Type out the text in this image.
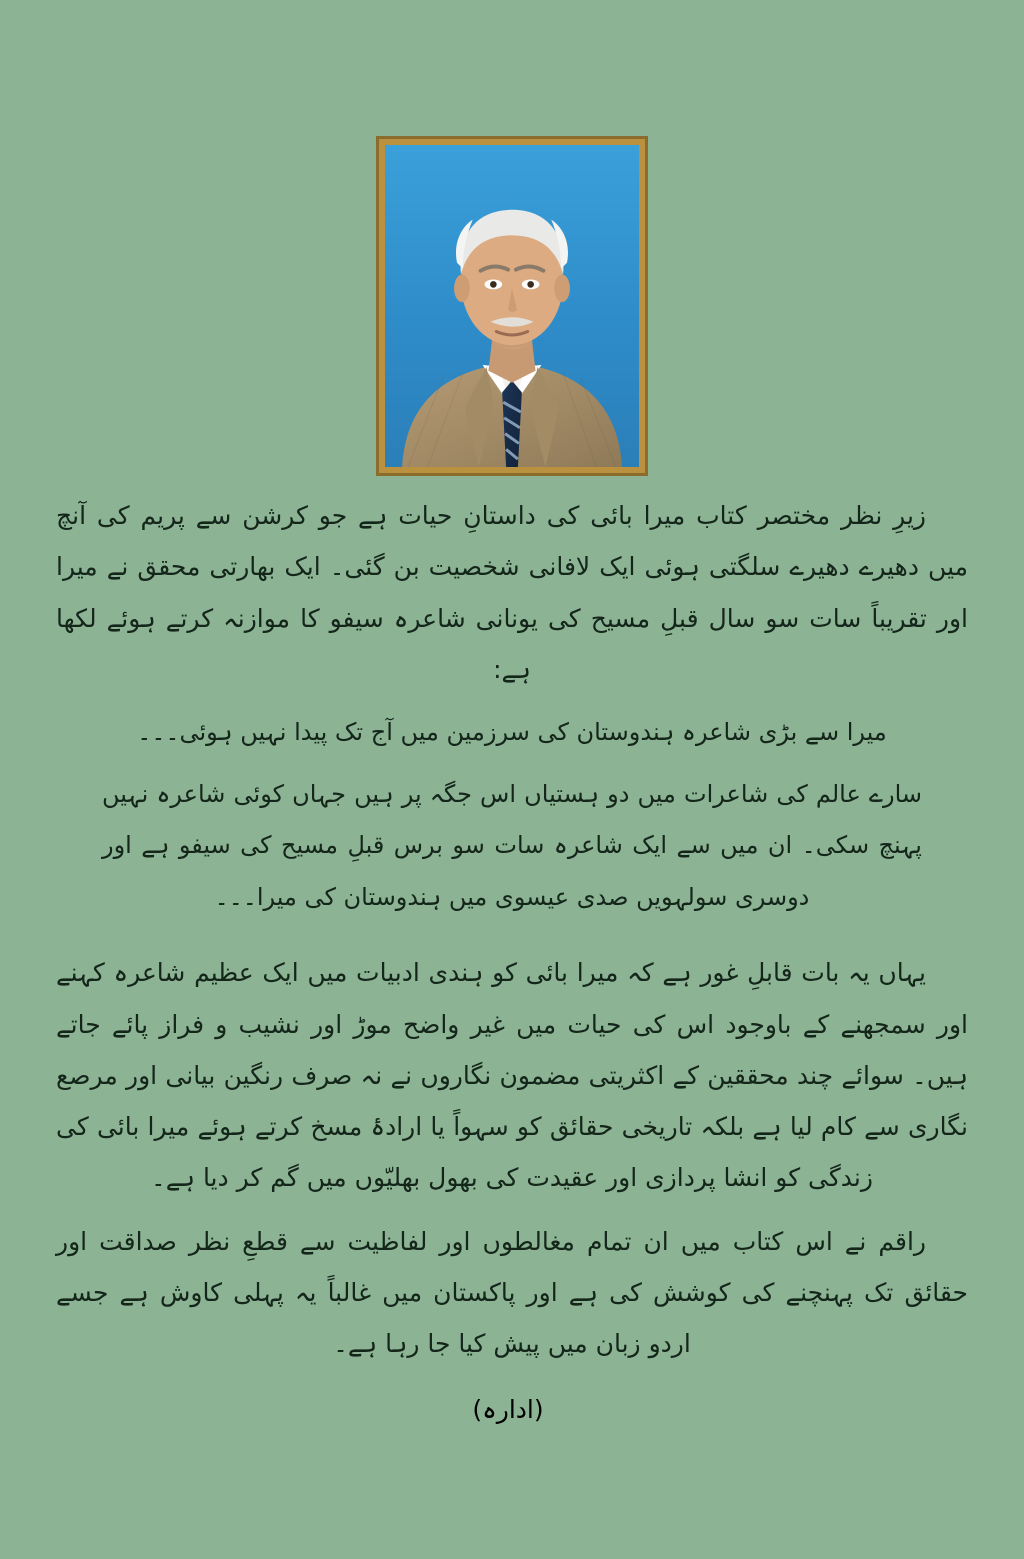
زیرِ نظر مختصر کتاب میرا بائی کی داستانِ حیات ہے جو کرشن سے پریم کی آنچ میں دھیرے دھیرے سلگتی ہوئی ایک لافانی شخصیت بن گئی۔ ایک بھارتی محقق نے میرا اور تقریباً سات سو سال قبلِ مسیح کی یونانی شاعرہ سیفو کا موازنہ کرتے ہوئے لکھا ہے:

میرا سے بڑی شاعرہ ہندوستان کی سرزمین میں آج تک پیدا نہیں ہوئی۔۔۔

سارے عالم کی شاعرات میں دو ہستیاں اس جگہ پر ہیں جہاں کوئی شاعرہ نہیں پہنچ سکی۔ ان میں سے ایک شاعرہ سات سو برس قبلِ مسیح کی سیفو ہے اور دوسری سولہویں صدی عیسوی میں ہندوستان کی میرا۔۔۔

یہاں یہ بات قابلِ غور ہے کہ میرا بائی کو ہندی ادبیات میں ایک عظیم شاعرہ کہنے اور سمجھنے کے باوجود اس کی حیات میں غیر واضح موڑ اور نشیب و فراز پائے جاتے ہیں۔ سوائے چند محققین کے اکثریتی مضمون نگاروں نے نہ صرف رنگین بیانی اور مرصع نگاری سے کام لیا ہے بلکہ تاریخی حقائق کو سہواً یا ارادۂ مسخ کرتے ہوئے میرا بائی کی زندگی کو انشا پردازی اور عقیدت کی بھول بھلیّوں میں گم کر دیا ہے۔

راقم نے اس کتاب میں ان تمام مغالطوں اور لفاظیت سے قطعِ نظر صداقت اور حقائق تک پہنچنے کی کوشش کی ہے اور پاکستان میں غالباً یہ پہلی کاوش ہے جسے اردو زبان میں پیش کیا جا رہا ہے۔

(ادارہ)
